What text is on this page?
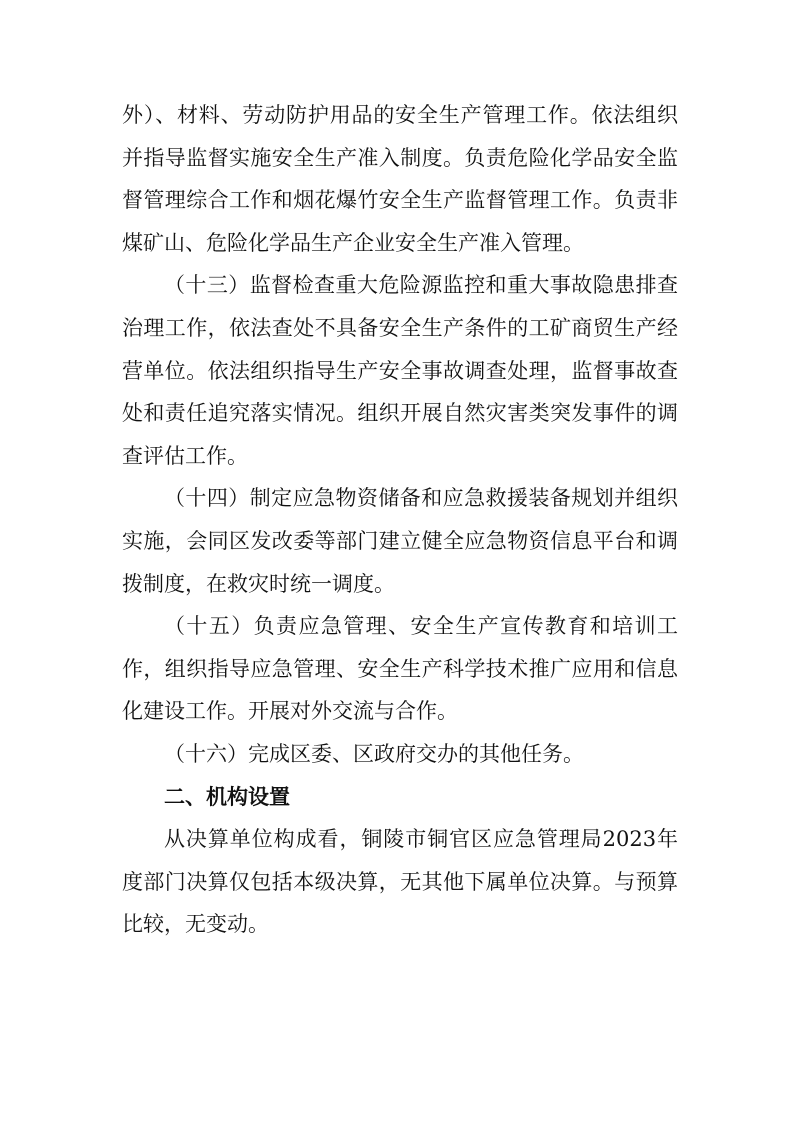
外）、材料、劳动防护用品的安全生产管理工作。依法组织并指导监督实施安全生产准入制度。负责危险化学品安全监督管理综合工作和烟花爆竹安全生产监督管理工作。负责非煤矿山、危险化学品生产企业安全生产准入管理。

（十三）监督检查重大危险源监控和重大事故隐患排查治理工作，依法查处不具备安全生产条件的工矿商贸生产经营单位。依法组织指导生产安全事故调查处理，监督事故查处和责任追究落实情况。组织开展自然灾害类突发事件的调查评估工作。

（十四）制定应急物资储备和应急救援装备规划并组织实施，会同区发改委等部门建立健全应急物资信息平台和调拨制度，在救灾时统一调度。

（十五）负责应急管理、安全生产宣传教育和培训工作，组织指导应急管理、安全生产科学技术推广应用和信息化建设工作。开展对外交流与合作。

（十六）完成区委、区政府交办的其他任务。

二、机构设置

从决算单位构成看，铜陵市铜官区应急管理局2023年度部门决算仅包括本级决算，无其他下属单位决算。与预算比较，无变动。
